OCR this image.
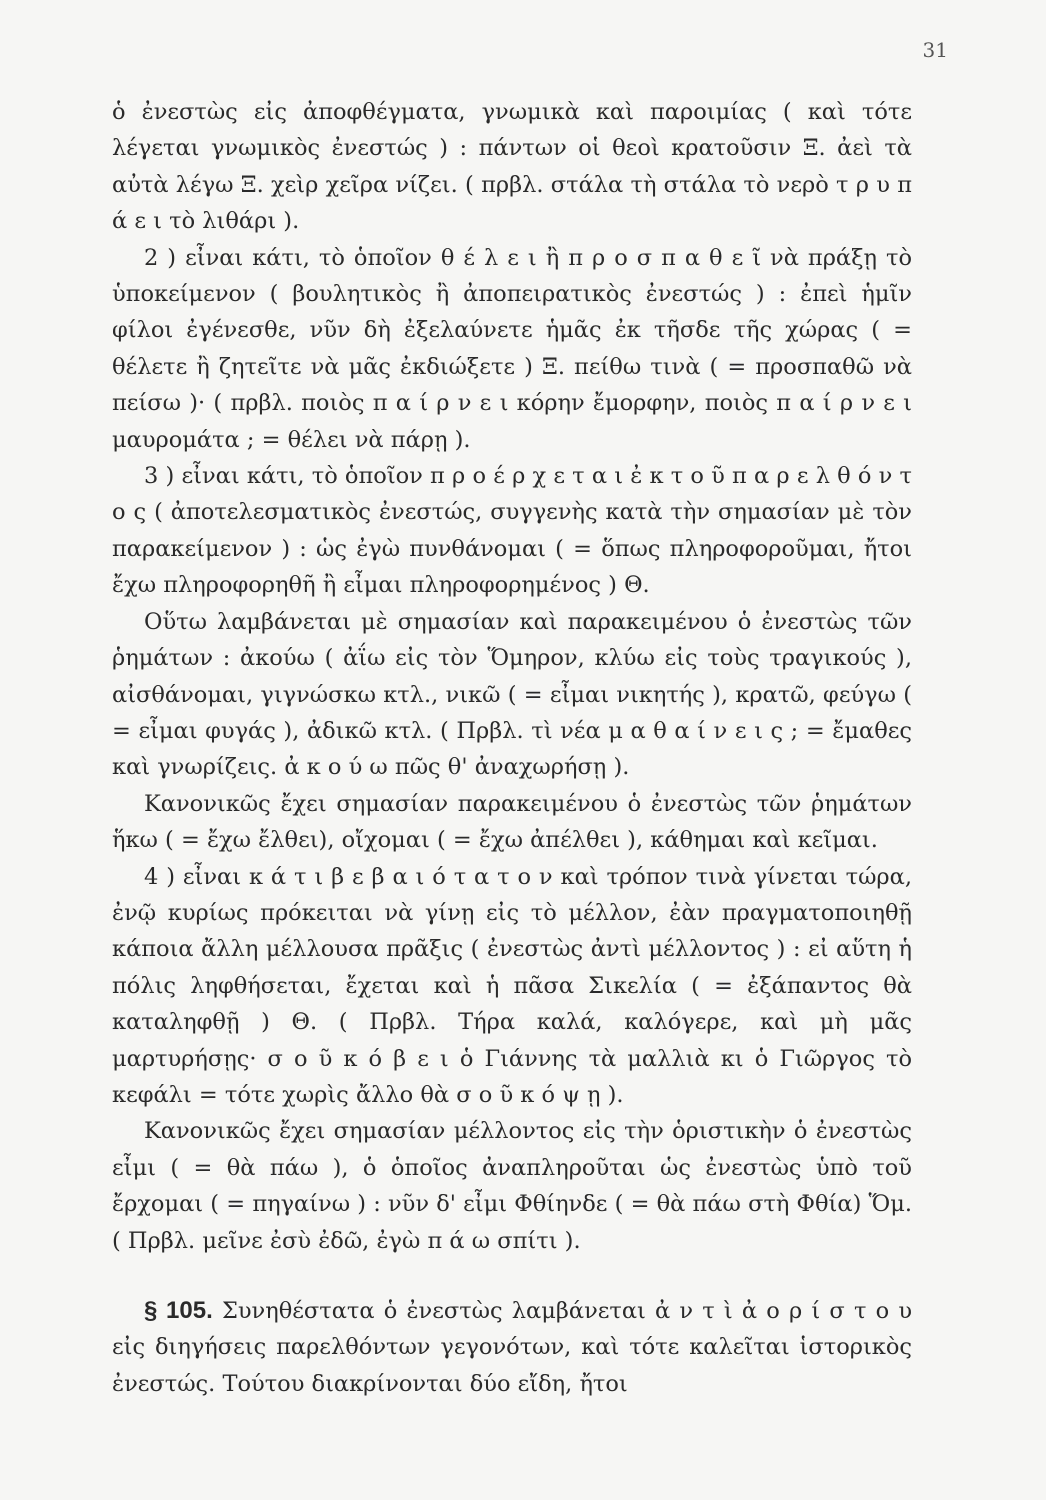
31

ὁ ἐνεστὼς εἰς ἀποφθέγματα, γνωμικὰ καὶ παροιμίας ( καὶ τότε λέγεται γνωμικὸς ἐνεστώς ) : πάντων οἱ θεοὶ κρατοῦσιν Ξ. ἀεὶ τὰ αὐτὰ λέγω Ξ. χεὶρ χεῖρα νίζει. ( πρβλ. στάλα τὴ στάλα τὸ νερὸ τ ρ υ π ά ε ι τὸ λιθάρι ).

2 ) εἶναι κάτι, τὸ ὁποῖον θ έ λ ε ι ἢ π ρ ο σ π α θ ε ῖ νὰ πράξῃ τὸ ὑποκείμενον ( βουλητικὸς ἢ ἀποπειρατικὸς ἐνεστώς ) : ἐπεὶ ἡμῖν φίλοι ἐγένεσθε, νῦν δὴ ἐξελαύνετε ἡμᾶς ἐκ τῆσδε τῆς χώρας ( = θέλετε ἢ ζητεῖτε νὰ μᾶς ἐκδιώξετε ) Ξ. πείθω τινὰ ( = προσπαθῶ νὰ πείσω )· ( πρβλ. ποιὸς π α ί ρ ν ε ι κόρην ἔμορφην, ποιὸς π α ί ρ ν ε ι μαυρομάτα ; = θέλει νὰ πάρῃ ).

3 ) εἶναι κάτι, τὸ ὁποῖον π ρ ο έ ρ χ ε τ α ι ἐ κ τ ο ῦ π α ρ ε λ θ ό ν τ ο ς ( ἀποτελεσματικὸς ἐνεστώς, συγγενὴς κατὰ τὴν σημασίαν μὲ τὸν παρακείμενον ) : ὡς ἐγὼ πυνθάνομαι ( = ὅπως πληροφοροῦμαι, ἤτοι ἔχω πληροφορηθῆ ἢ εἶμαι πληροφορημένος ) Θ.

Οὕτω λαμβάνεται μὲ σημασίαν καὶ παρακειμένου ὁ ἐνεστὼς τῶν ῥημάτων : ἀκούω ( ἀΐω εἰς τὸν Ὅμηρον, κλύω εἰς τοὺς τραγικούς ), αἰσθάνομαι, γιγνώσκω κτλ., νικῶ ( = εἶμαι νικητής ), κρατῶ, φεύγω ( = εἶμαι φυγάς ), ἀδικῶ κτλ. ( Πρβλ. τὶ νέα μ α θ α ί ν ε ι ς ; = ἔμαθες καὶ γνωρίζεις. ἀ κ ο ύ ω πῶς θ' ἀναχωρήσῃ ).

Κανονικῶς ἔχει σημασίαν παρακειμένου ὁ ἐνεστὼς τῶν ῥημάτων ἥκω ( = ἔχω ἔλθει), οἴχομαι ( = ἔχω ἀπέλθει ), κάθημαι καὶ κεῖμαι.

4 ) εἶναι κ ά τ ι β ε β α ι ό τ α τ ο ν καὶ τρόπον τινὰ γίνεται τώρα, ἐνῷ κυρίως πρόκειται νὰ γίνῃ εἰς τὸ μέλλον, ἐὰν πραγματοποιηθῇ κάποια ἄλλη μέλλουσα πρᾶξις ( ἐνεστὼς ἀντὶ μέλλοντος ) : εἰ αὕτη ἡ πόλις ληφθήσεται, ἔχεται καὶ ἡ πᾶσα Σικελία ( = ἐξάπαντος θὰ καταληφθῇ ) Θ. ( Πρβλ. Τήρα καλά, καλόγερε, καὶ μὴ μᾶς μαρτυρήσῃς· σ ο ῦ κ ό β ε ι ὁ Γιάννης τὰ μαλλιὰ κι ὁ Γιῶργος τὸ κεφάλι = τότε χωρὶς ἄλλο θὰ σ ο ῦ κ ό ψ ῃ ).

Κανονικῶς ἔχει σημασίαν μέλλοντος εἰς τὴν ὁριστικὴν ὁ ἐνεστὼς εἶμι ( = θὰ πάω ), ὁ ὁποῖος ἀναπληροῦται ὡς ἐνεστὼς ὑπὸ τοῦ ἔρχομαι ( = πηγαίνω ) : νῦν δ' εἶμι Φθίηνδε ( = θὰ πάω στὴ Φθία) Ὅμ. ( Πρβλ. μεῖνε ἐσὺ ἐδῶ, ἐγὼ π ά ω σπίτι ).

§ 105. Συνηθέστατα ὁ ἐνεστὼς λαμβάνεται ἀ ν τ ὶ ἀ ο ρ ί σ τ ο υ εἰς διηγήσεις παρελθόντων γεγονότων, καὶ τότε καλεῖται ἱστορικὸς ἐνεστώς. Τούτου διακρίνονται δύο εἴδη, ἤτοι
